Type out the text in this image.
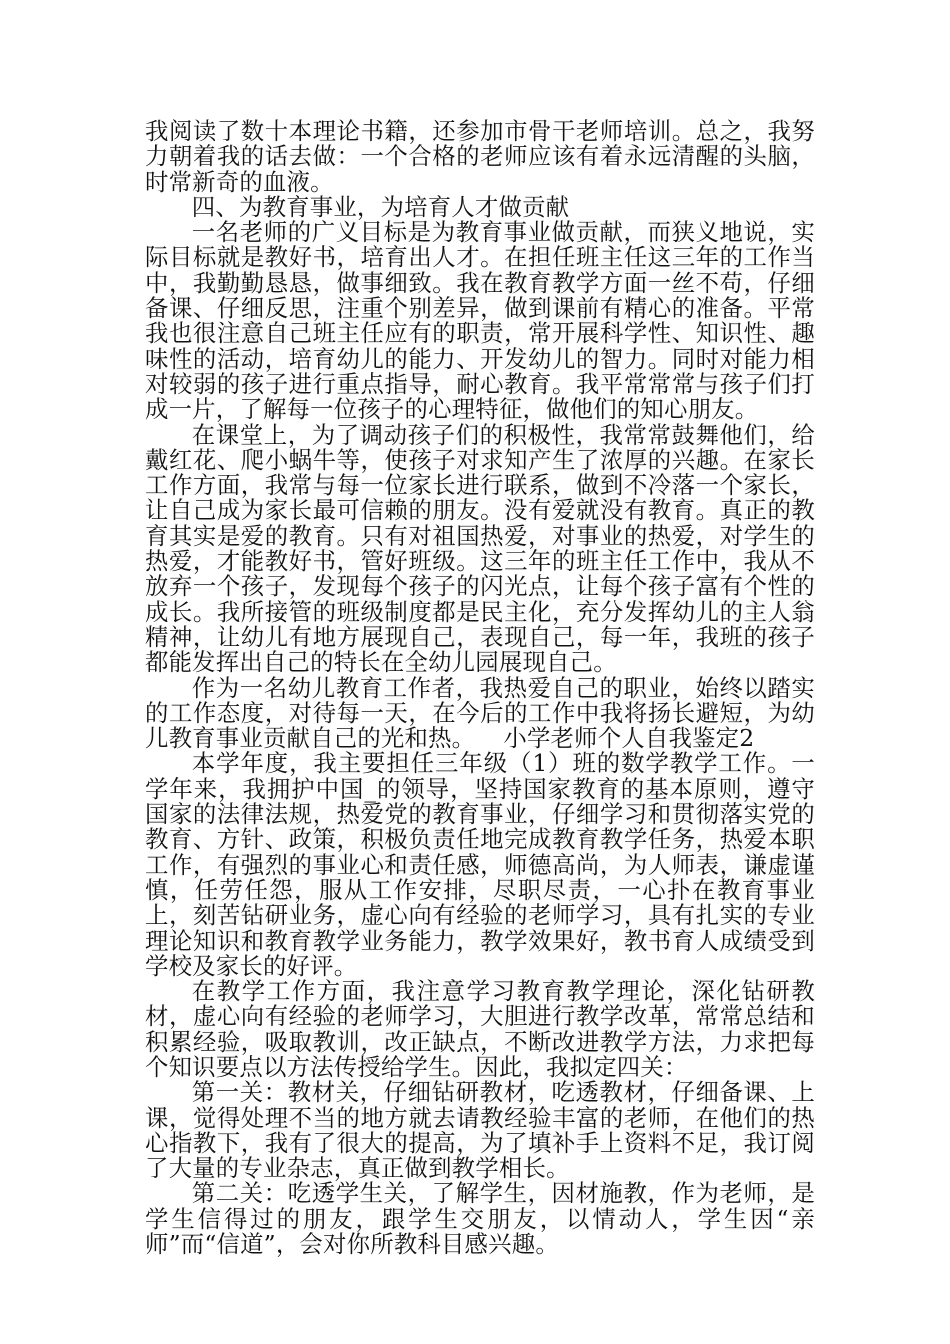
我阅读了数十本理论书籍，还参加市骨干老师培训。总之，我努力朝着我的话去做：一个合格的老师应该有着永远清醒的头脑，时常新奇的血液。

四、为教育事业，为培育人才做贡献

一名老师的广义目标是为教育事业做贡献，而狭义地说，实际目标就是教好书，培育出人才。在担任班主任这三年的工作当中，我勤勤恳恳，做事细致。我在教育教学方面一丝不苟，仔细备课、仔细反思，注重个别差异，做到课前有精心的准备。平常我也很注意自己班主任应有的职责，常开展科学性、知识性、趣味性的活动，培育幼儿的能力、开发幼儿的智力。同时对能力相对较弱的孩子进行重点指导，耐心教育。我平常常常与孩子们打成一片，了解每一位孩子的心理特征，做他们的知心朋友。

在课堂上，为了调动孩子们的积极性，我常常鼓舞他们，给戴红花、爬小蜗牛等，使孩子对求知产生了浓厚的兴趣。在家长工作方面，我常与每一位家长进行联系，做到不冷落一个家长，让自己成为家长最可信赖的朋友。没有爱就没有教育。真正的教育其实是爱的教育。只有对祖国热爱，对事业的热爱，对学生的热爱，才能教好书，管好班级。这三年的班主任工作中，我从不放弃一个孩子，发现每个孩子的闪光点，让每个孩子富有个性的成长。我所接管的班级制度都是民主化，充分发挥幼儿的主人翁精神，让幼儿有地方展现自己，表现自己，每一年，我班的孩子都能发挥出自己的特长在全幼儿园展现自己。

作为一名幼儿教育工作者，我热爱自己的职业，始终以踏实的工作态度，对待每一天，在今后的工作中我将扬长避短，为幼儿教育事业贡献自己的光和热。 小学老师个人自我鉴定2

本学年度，我主要担任三年级（1）班的数学教学工作。一学年来，我拥护中国_的领导，坚持国家教育的基本原则，遵守国家的法律法规，热爱党的教育事业，仔细学习和贯彻落实党的教育、方针、政策，积极负责任地完成教育教学任务，热爱本职工作，有强烈的事业心和责任感，师德高尚，为人师表，谦虚谨慎，任劳任怨，服从工作安排，尽职尽责，一心扑在教育事业上，刻苦钻研业务，虚心向有经验的老师学习，具有扎实的专业理论知识和教育教学业务能力，教学效果好，教书育人成绩受到学校及家长的好评。

在教学工作方面，我注意学习教育教学理论，深化钻研教材，虚心向有经验的老师学习，大胆进行教学改革，常常总结和积累经验，吸取教训，改正缺点，不断改进教学方法，力求把每个知识要点以方法传授给学生。因此，我拟定四关：

第一关：教材关，仔细钻研教材，吃透教材，仔细备课、上课，觉得处理不当的地方就去请教经验丰富的老师，在他们的热心指教下，我有了很大的提高，为了填补手上资料不足，我订阅了大量的专业杂志，真正做到教学相长。

第二关：吃透学生关，了解学生，因材施教，作为老师，是学生信得过的朋友，跟学生交朋友，以情动人，学生因“亲师”而“信道”，会对你所教科目感兴趣。
